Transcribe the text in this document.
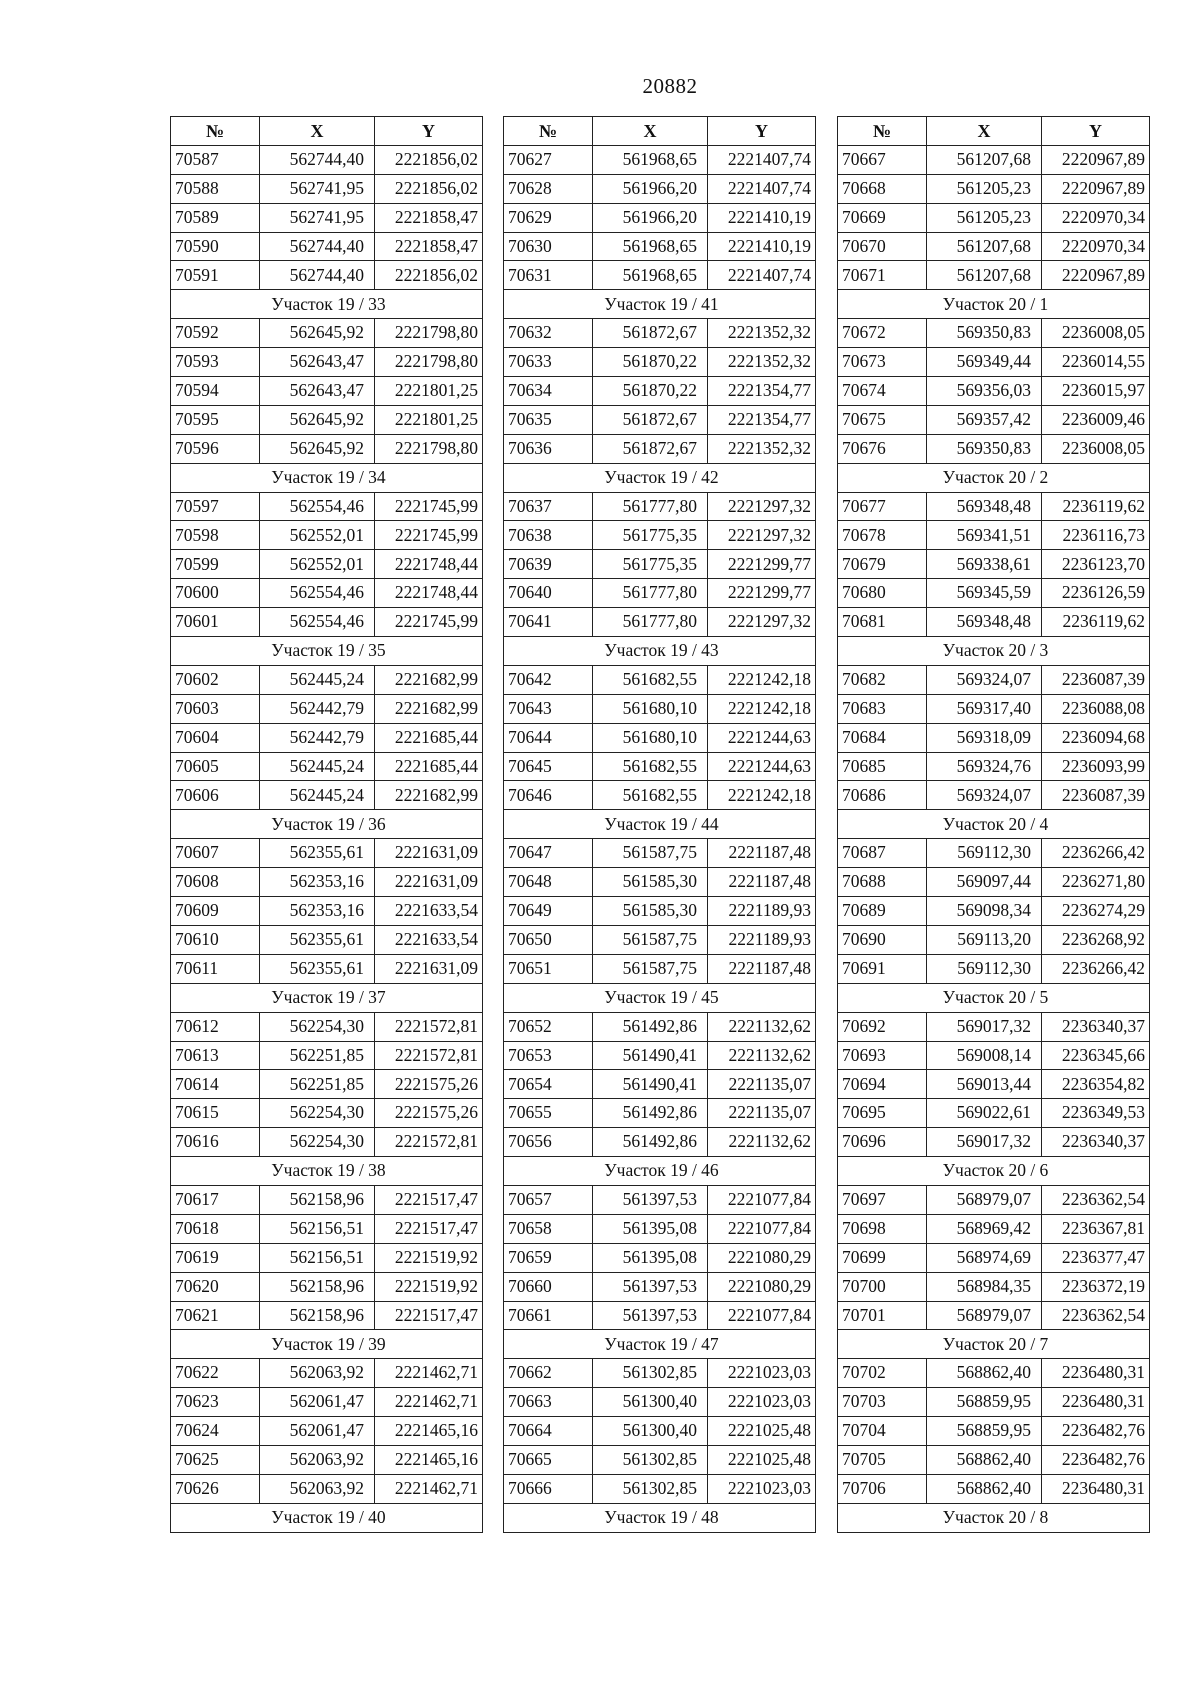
20882
№	X	Y
70587	562744,40	2221856,02
70588	562741,95	2221856,02
70589	562741,95	2221858,47
70590	562744,40	2221858,47
70591	562744,40	2221856,02
Участок 19 / 33		
70592	562645,92	2221798,80
70593	562643,47	2221798,80
70594	562643,47	2221801,25
70595	562645,92	2221801,25
70596	562645,92	2221798,80
Участок 19 / 34		
70597	562554,46	2221745,99
70598	562552,01	2221745,99
70599	562552,01	2221748,44
70600	562554,46	2221748,44
70601	562554,46	2221745,99
Участок 19 / 35		
70602	562445,24	2221682,99
70603	562442,79	2221682,99
70604	562442,79	2221685,44
70605	562445,24	2221685,44
70606	562445,24	2221682,99
Участок 19 / 36		
70607	562355,61	2221631,09
70608	562353,16	2221631,09
70609	562353,16	2221633,54
70610	562355,61	2221633,54
70611	562355,61	2221631,09
Участок 19 / 37		
70612	562254,30	2221572,81
70613	562251,85	2221572,81
70614	562251,85	2221575,26
70615	562254,30	2221575,26
70616	562254,30	2221572,81
Участок 19 / 38		
70617	562158,96	2221517,47
70618	562156,51	2221517,47
70619	562156,51	2221519,92
70620	562158,96	2221519,92
70621	562158,96	2221517,47
Участок 19 / 39		
70622	562063,92	2221462,71
70623	562061,47	2221462,71
70624	562061,47	2221465,16
70625	562063,92	2221465,16
70626	562063,92	2221462,71
Участок 19 / 40		
№	X	Y
70627	561968,65	2221407,74
70628	561966,20	2221407,74
70629	561966,20	2221410,19
70630	561968,65	2221410,19
70631	561968,65	2221407,74
Участок 19 / 41		
70632	561872,67	2221352,32
70633	561870,22	2221352,32
70634	561870,22	2221354,77
70635	561872,67	2221354,77
70636	561872,67	2221352,32
Участок 19 / 42		
70637	561777,80	2221297,32
70638	561775,35	2221297,32
70639	561775,35	2221299,77
70640	561777,80	2221299,77
70641	561777,80	2221297,32
Участок 19 / 43		
70642	561682,55	2221242,18
70643	561680,10	2221242,18
70644	561680,10	2221244,63
70645	561682,55	2221244,63
70646	561682,55	2221242,18
Участок 19 / 44		
70647	561587,75	2221187,48
70648	561585,30	2221187,48
70649	561585,30	2221189,93
70650	561587,75	2221189,93
70651	561587,75	2221187,48
Участок 19 / 45		
70652	561492,86	2221132,62
70653	561490,41	2221132,62
70654	561490,41	2221135,07
70655	561492,86	2221135,07
70656	561492,86	2221132,62
Участок 19 / 46		
70657	561397,53	2221077,84
70658	561395,08	2221077,84
70659	561395,08	2221080,29
70660	561397,53	2221080,29
70661	561397,53	2221077,84
Участок 19 / 47		
70662	561302,85	2221023,03
70663	561300,40	2221023,03
70664	561300,40	2221025,48
70665	561302,85	2221025,48
70666	561302,85	2221023,03
Участок 19 / 48		
№	X	Y
70667	561207,68	2220967,89
70668	561205,23	2220967,89
70669	561205,23	2220970,34
70670	561207,68	2220970,34
70671	561207,68	2220967,89
Участок 20 / 1		
70672	569350,83	2236008,05
70673	569349,44	2236014,55
70674	569356,03	2236015,97
70675	569357,42	2236009,46
70676	569350,83	2236008,05
Участок 20 / 2		
70677	569348,48	2236119,62
70678	569341,51	2236116,73
70679	569338,61	2236123,70
70680	569345,59	2236126,59
70681	569348,48	2236119,62
Участок 20 / 3		
70682	569324,07	2236087,39
70683	569317,40	2236088,08
70684	569318,09	2236094,68
70685	569324,76	2236093,99
70686	569324,07	2236087,39
Участок 20 / 4		
70687	569112,30	2236266,42
70688	569097,44	2236271,80
70689	569098,34	2236274,29
70690	569113,20	2236268,92
70691	569112,30	2236266,42
Участок 20 / 5		
70692	569017,32	2236340,37
70693	569008,14	2236345,66
70694	569013,44	2236354,82
70695	569022,61	2236349,53
70696	569017,32	2236340,37
Участок 20 / 6		
70697	568979,07	2236362,54
70698	568969,42	2236367,81
70699	568974,69	2236377,47
70700	568984,35	2236372,19
70701	568979,07	2236362,54
Участок 20 / 7		
70702	568862,40	2236480,31
70703	568859,95	2236480,31
70704	568859,95	2236482,76
70705	568862,40	2236482,76
70706	568862,40	2236480,31
Участок 20 / 8		
